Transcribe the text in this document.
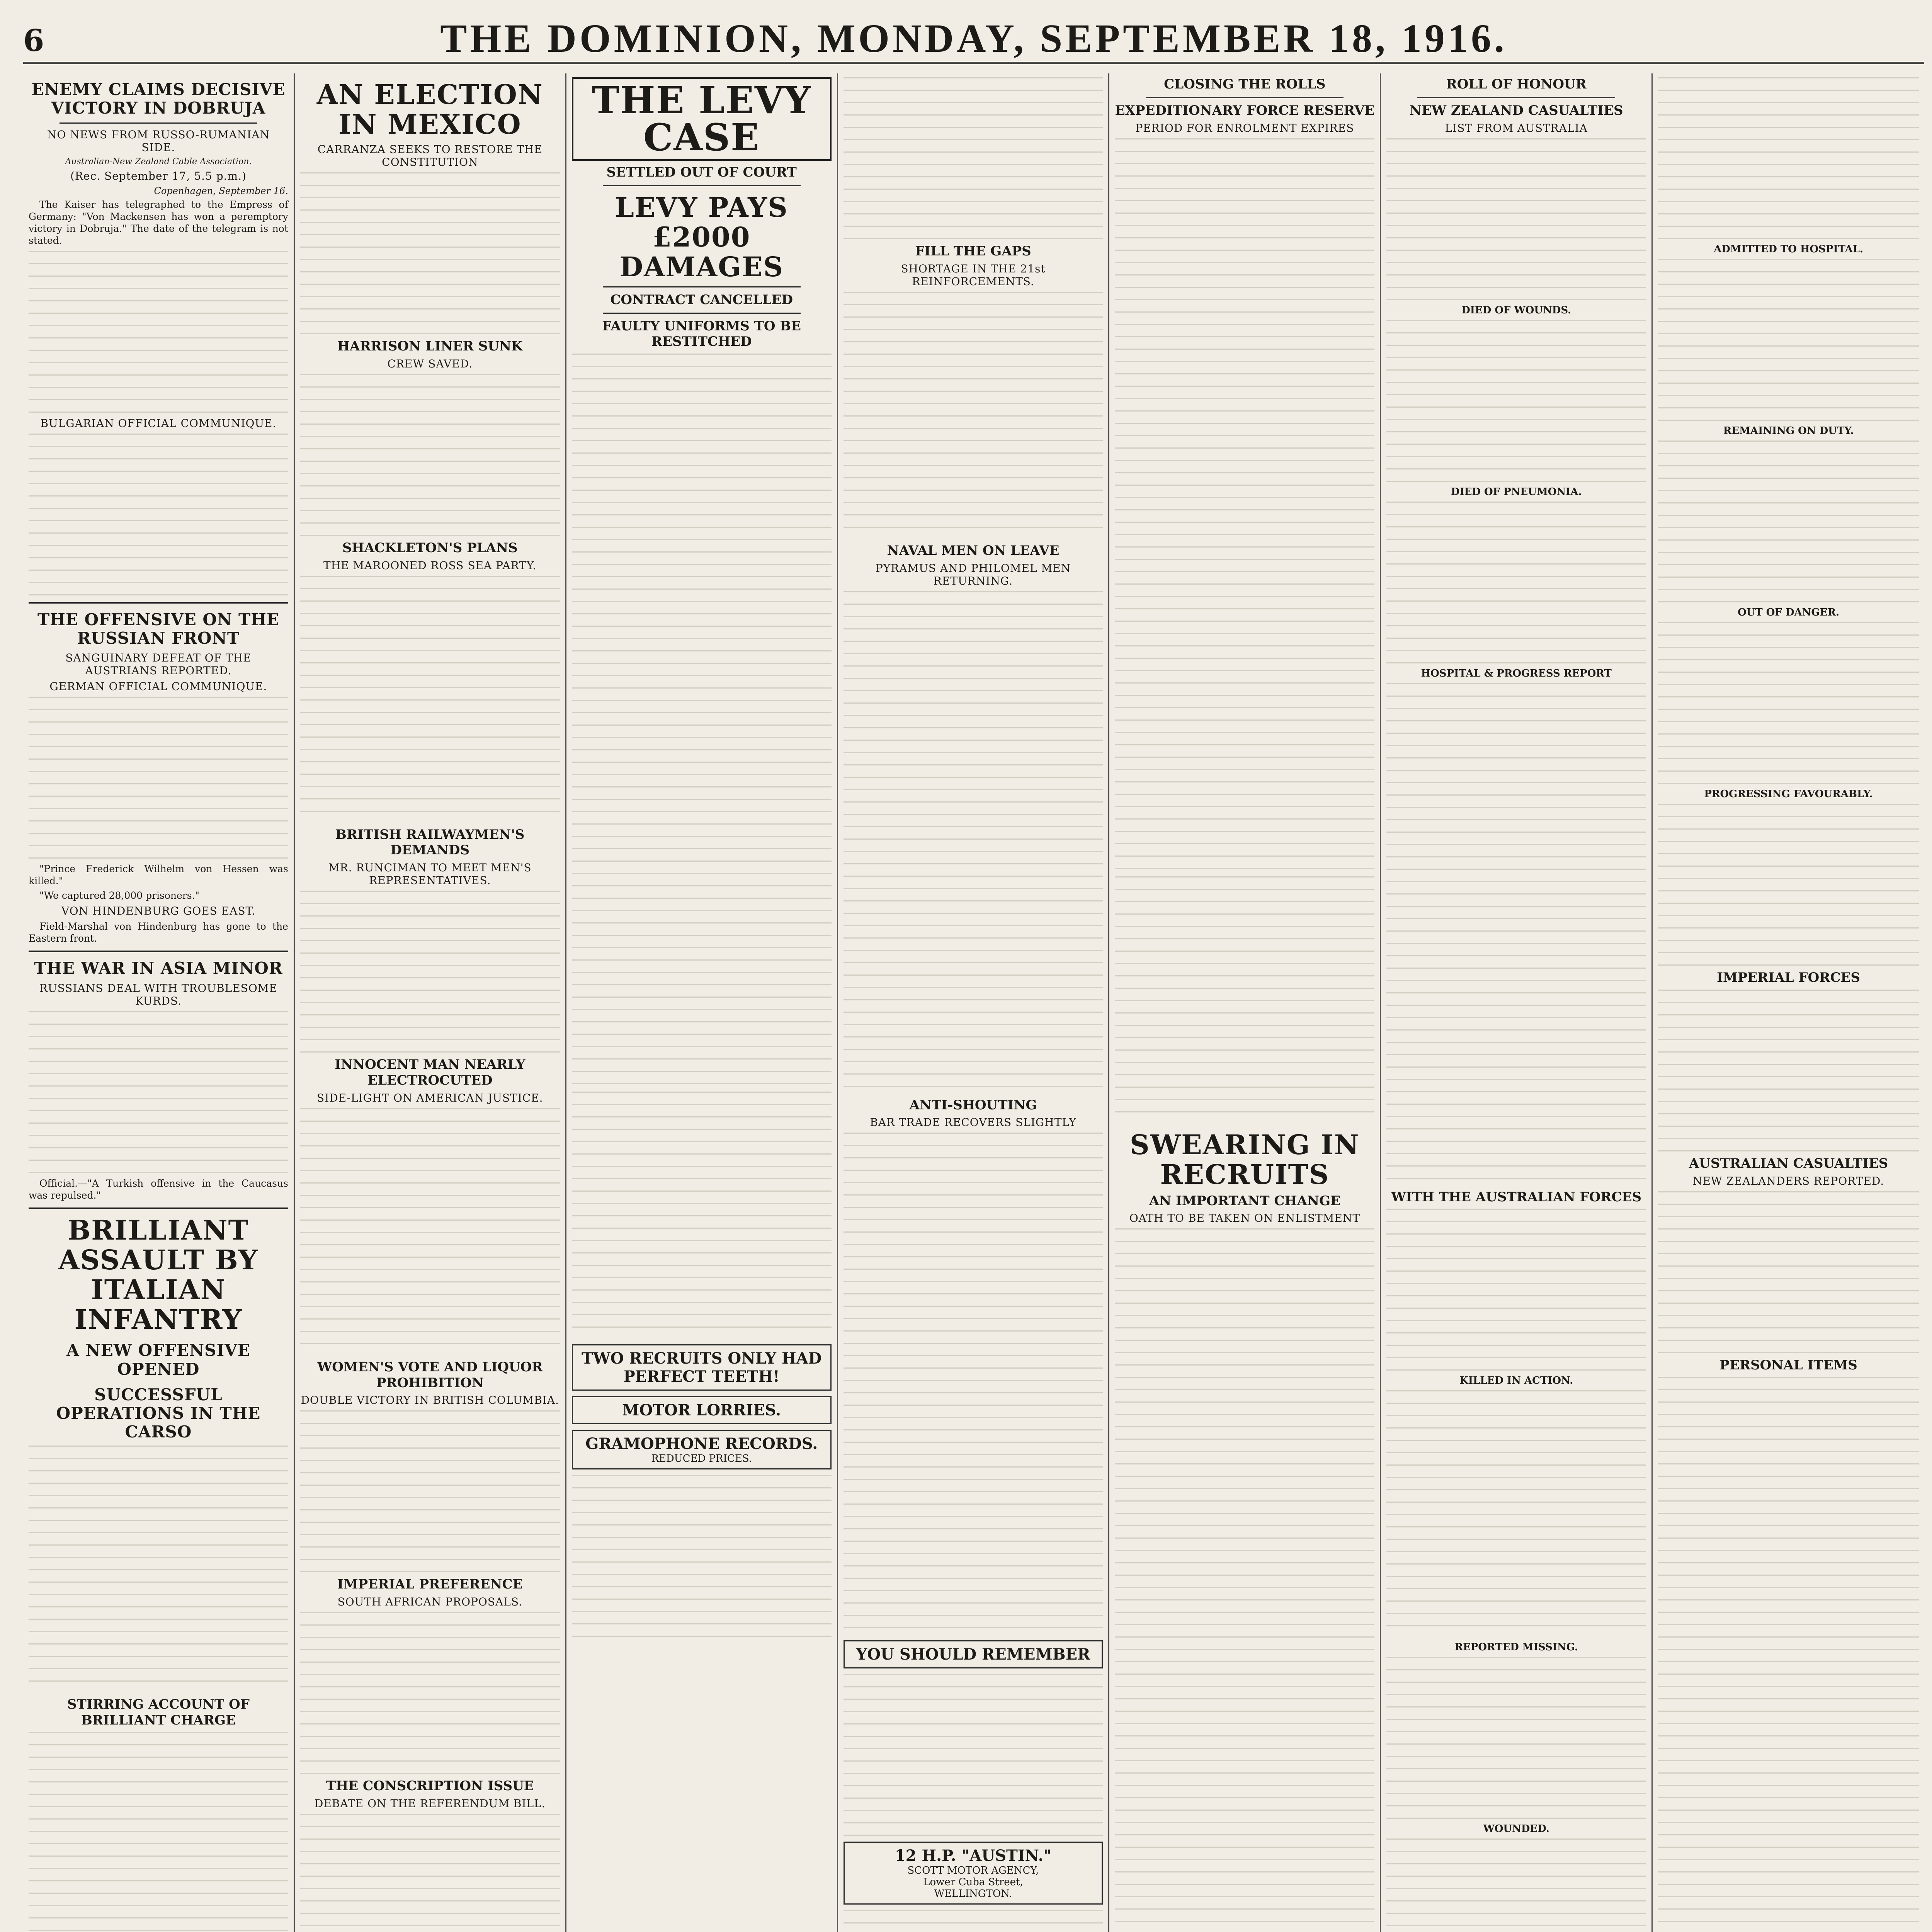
6	THE DOMINION, MONDAY, SEPTEMBER 18, 1916.
ENEMY CLAIMS DECISIVE VICTORY IN DOBRUJA
NO NEWS FROM RUSSO-RUMANIAN SIDE.
Australian-New Zealand Cable Association.
(Rec. September 17, 5.5 p.m.)
Copenhagen, September 16.

The Kaiser has telegraphed to the Empress of Germany: "Von Mackensen has won a peremptory victory in Dobruja." The date of the telegram is not stated.

BULGARIAN OFFICIAL COMMUNIQUE.
THE OFFENSIVE ON THE RUSSIAN FRONT
SANGUINARY DEFEAT OF THE AUSTRIANS REPORTED.
GERMAN OFFICIAL COMMUNIQUE.

"Prince Frederick Wilhelm von Hessen was killed."

"We captured 28,000 prisoners."

VON HINDENBURG GOES EAST.

Field-Marshal von Hindenburg has gone to the Eastern front.

THE WAR IN ASIA MINOR
RUSSIANS DEAL WITH TROUBLESOME KURDS.

Official.—"A Turkish offensive in the Caucasus was repulsed."

BRILLIANT ASSAULT BY ITALIAN INFANTRY
A NEW OFFENSIVE OPENED
SUCCESSFUL OPERATIONS IN THE CARSO
STIRRING ACCOUNT OF BRILLIANT CHARGE
AN ELECTION IN MEXICO
CARRANZA SEEKS TO RESTORE THE CONSTITUTION
HARRISON LINER SUNK
CREW SAVED.
SHACKLETON'S PLANS
THE MAROONED ROSS SEA PARTY.
BRITISH RAILWAYMEN'S DEMANDS
MR. RUNCIMAN TO MEET MEN'S REPRESENTATIVES.
INNOCENT MAN NEARLY ELECTROCUTED
SIDE-LIGHT ON AMERICAN JUSTICE.
WOMEN'S VOTE AND LIQUOR PROHIBITION
DOUBLE VICTORY IN BRITISH COLUMBIA.
IMPERIAL PREFERENCE
SOUTH AFRICAN PROPOSALS.
THE CONSCRIPTION ISSUE
DEBATE ON THE REFERENDUM BILL.
THE LEVY CASE
SETTLED OUT OF COURT
LEVY PAYS £2000 DAMAGES
CONTRACT CANCELLED
FAULTY UNIFORMS TO BE RESTITCHED
TWO RECRUITS ONLY HAD PERFECT TEETH!
MOTOR LORRIES.
GRAMOPHONE RECORDS.
REDUCED PRICES.
FILL THE GAPS
SHORTAGE IN THE 21st REINFORCEMENTS.
NAVAL MEN ON LEAVE
PYRAMUS AND PHILOMEL MEN RETURNING.
ANTI-SHOUTING
BAR TRADE RECOVERS SLIGHTLY
YOU SHOULD REMEMBER
12 H.P. "AUSTIN."
SCOTT MOTOR AGENCY,
Lower Cuba Street,
WELLINGTON.
CLOSING THE ROLLS
EXPEDITIONARY FORCE RESERVE
PERIOD FOR ENROLMENT EXPIRES
SWEARING IN RECRUITS
AN IMPORTANT CHANGE
OATH TO BE TAKEN ON ENLISTMENT
ROLL OF HONOUR
NEW ZEALAND CASUALTIES
LIST FROM AUSTRALIA
DIED OF WOUNDS.
DIED OF PNEUMONIA.
HOSPITAL & PROGRESS REPORT
WITH THE AUSTRALIAN FORCES
KILLED IN ACTION.
REPORTED MISSING.
WOUNDED.
ADMITTED TO HOSPITAL.
REMAINING ON DUTY.
OUT OF DANGER.
PROGRESSING FAVOURABLY.
IMPERIAL FORCES
AUSTRALIAN CASUALTIES
NEW ZEALANDERS REPORTED.
PERSONAL ITEMS
